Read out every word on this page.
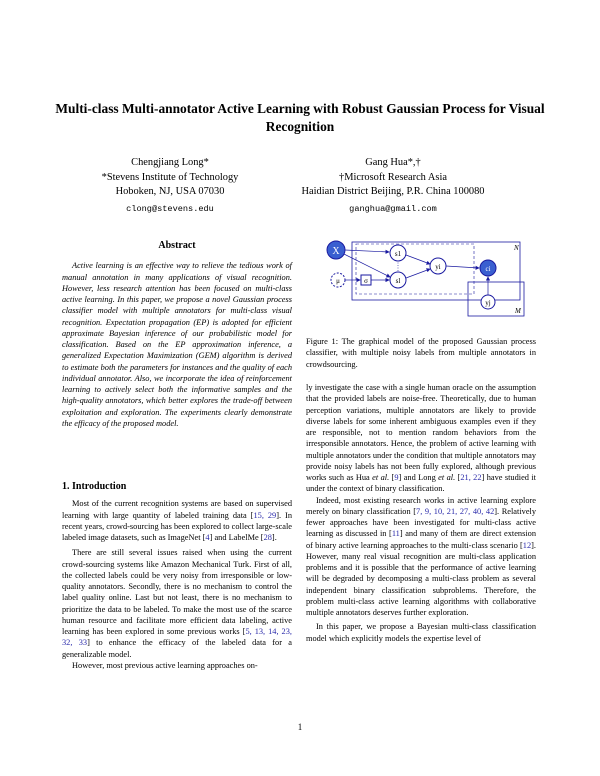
Multi-class Multi-annotator Active Learning with Robust Gaussian Process for Visual Recognition
Chengjiang Long*
*Stevens Institute of Technology
Hoboken, NJ, USA 07030
clong@stevens.edu
Gang Hua*,†
†Microsoft Research Asia
Haidian District Beijing, P.R. China 100080
ganghua@gmail.com
Abstract

Active learning is an effective way to relieve the tedious work of manual annotation in many applications of visual recognition. However, less research attention has been focused on multi-class active learning. In this paper, we propose a novel Gaussian process classifier model with multiple annotators for multi-class visual recognition. Expectation propagation (EP) is adopted for efficient approximate Bayesian inference of our probabilistic model for classification. Based on the EP approximation inference, a generalized Expectation Maximization (GEM) algorithm is derived to estimate both the parameters for instances and the quality of each individual annotator. Also, we incorporate the idea of reinforcement learning to actively select both the informative samples and the high-quality annotators, which better explores the trade-off between exploitation and exploration. The experiments clearly demonstrate the efficacy of the proposed model.

1. Introduction

Most of the current recognition systems are based on supervised learning with large quantity of labeled training data [15, 29]. In recent years, crowd-sourcing has been explored to collect large-scale labeled image datasets, such as ImageNet [4] and LabelMe [28].

There are still several issues raised when using the current crowd-sourcing systems like Amazon Mechanical Turk. First of all, the collected labels could be very noisy from irresponsible or low-quality annotators. Secondly, there is no mechanism to control the label quality online. Last but not least, there is no mechanism to prioritize the data to be labeled. To make the most use of the scarce human resource and facilitate more efficient data labeling, active learning has been explored in some previous works [5, 13, 14, 23, 32, 33] to enhance the efficacy of the labeled data for a generalizable model.

However, most previous active learning approaches on-

X	s1
sl
yi
μ	σ
ci
yj
N
M
Figure 1: The graphical model of the proposed Gaussian process classifier, with multiple noisy labels from multiple annotators in crowdsourcing.

ly investigate the case with a single human oracle on the assumption that the provided labels are noise-free. Theoretically, due to human perception variations, multiple annotators are likely to provide diverse labels for some inherent ambiguous examples even if they are responsible, not to mention random behaviors from the irresponsible annotators. Hence, the problem of active learning with multiple annotators under the condition that multiple annotators may provide noisy labels has not been fully explored, although previous works such as Hua et al. [9] and Long et al. [21, 22] have studied it under the context of binary classification.

Indeed, most existing research works in active learning explore merely on binary classification [7, 9, 10, 21, 27, 40, 42]. Relatively fewer approaches have been investigated for multi-class active learning as discussed in [11] and many of them are direct extension of binary active learning approaches to the multi-class scenario [12]. However, many real visual recognition are multi-class application problems and it is possible that the performance of active learning will be degraded by decomposing a multi-class problem as several independent binary classification subproblems. Therefore, the problem multi-class active learning algorithms with collaborative multiple annotators deserves further exploration.

In this paper, we propose a Bayesian multi-class classification model which explicitly models the expertise level of

1
